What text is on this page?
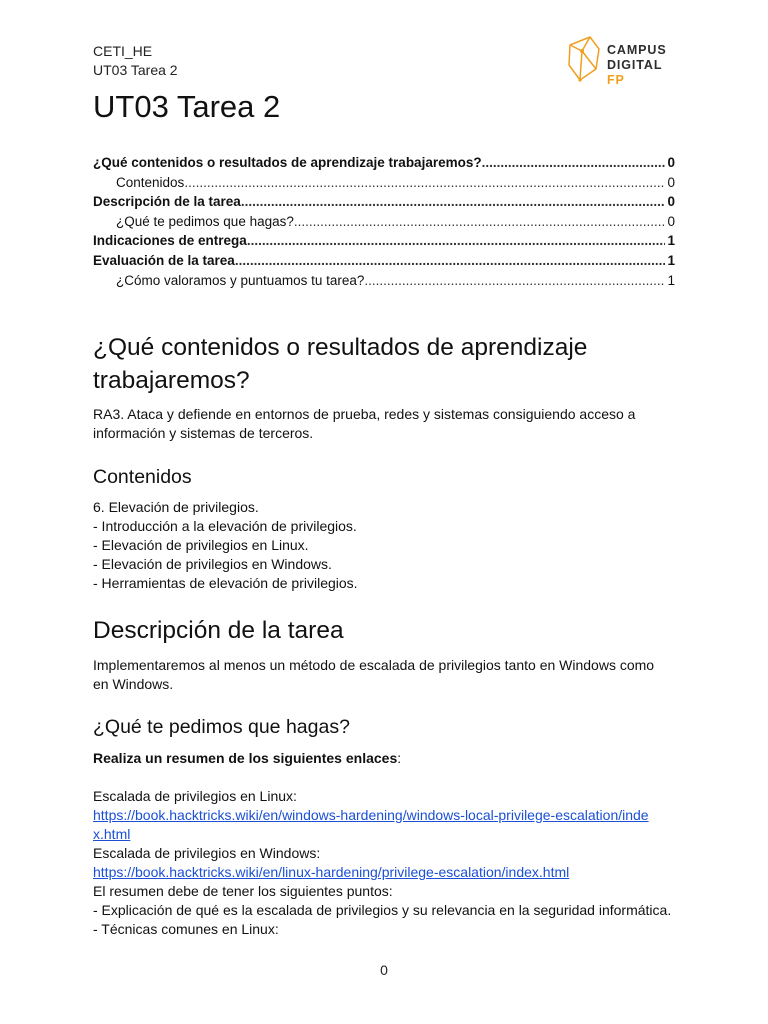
CETI_HE
UT03 Tarea 2
CAMPUS
DIGITAL FP
UT03 Tarea 2
¿Qué contenidos o resultados de aprendizaje trabajaremos? .....	0
Contenidos .....	0
Descripción de la tarea .....	0
¿Qué te pedimos que hagas? .....	0
Indicaciones de entrega .....	1
Evaluación de la tarea .....	1
¿Cómo valoramos y puntuamos tu tarea? .....	1
¿Qué contenidos o resultados de aprendizaje
trabajaremos?

RA3. Ataca y defiende en entornos de prueba, redes y sistemas consiguiendo acceso a
información y sistemas de terceros.

Contenidos

6. Elevación de privilegios.
- Introducción a la elevación de privilegios.
- Elevación de privilegios en Linux.
- Elevación de privilegios en Windows.
- Herramientas de elevación de privilegios.

Descripción de la tarea

Implementaremos al menos un método de escalada de privilegios tanto en Windows como
en Windows.

¿Qué te pedimos que hagas?

Realiza un resumen de los siguientes enlaces:

Escalada de privilegios en Linux:
https://book.hacktricks.wiki/en/windows-hardening/windows-local-privilege-escalation/inde
x.html
Escalada de privilegios en Windows:
https://book.hacktricks.wiki/en/linux-hardening/privilege-escalation/index.html
El resumen debe de tener los siguientes puntos:
- Explicación de qué es la escalada de privilegios y su relevancia en la seguridad informática.
- Técnicas comunes en Linux:

0
